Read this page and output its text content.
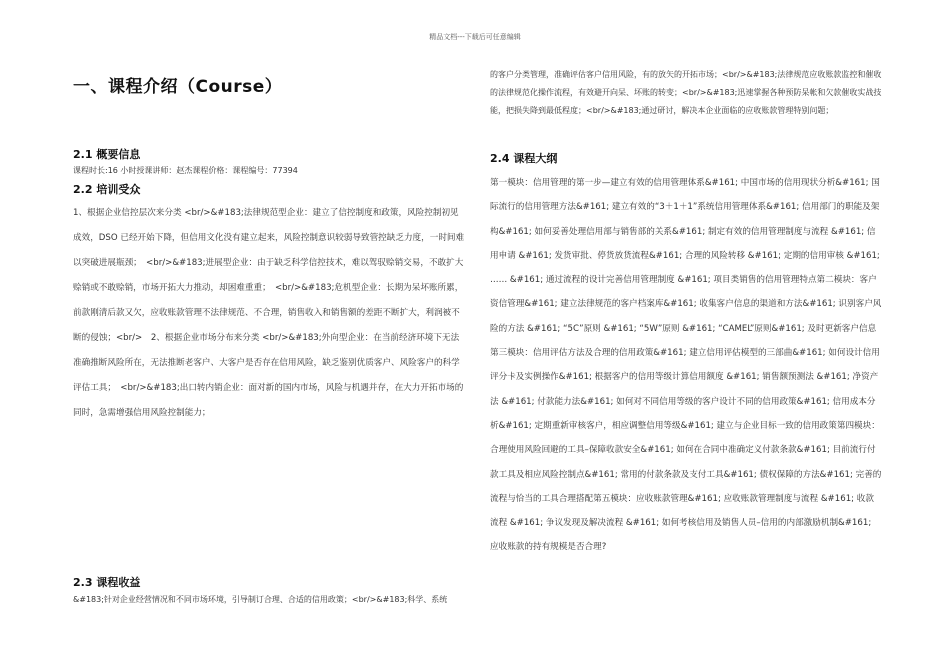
精品文档---下载后可任意编辑
一、课程介绍（Course）
2.1 概要信息

课程时长:16 小时授课讲师：赵杰课程价格：课程编号：77394

2.2 培训受众

1、根据企业信控层次来分类 <br/>&#183;法律规范型企业：建立了信控制度和政策，风险控制初见成效，DSO 已经开始下降，但信用文化没有建立起来，风险控制意识较弱导致管控缺乏力度，一时间难以突破进展瓶颈；　<br/>&#183;进展型企业：由于缺乏科学信控技术，难以驾驭赊销交易，不敢扩大赊销或不敢赊销，市场开拓大力推动，却困难重重；　<br/>&#183;危机型企业：长期为呆坏账所累，前款刚清后款又欠，应收账款管理不法律规范、不合理，销售收入和销售额的差距不断扩大，利润被不断的侵蚀；<br/>　2、根据企业市场分布来分类 <br/>&#183;外向型企业：在当前经济环境下无法准确推断风险所在，无法推断老客户、大客户是否存在信用风险，缺乏鉴别优质客户、风险客户的科学评估工具；　<br/>&#183;出口转内销企业：面对新的国内市场，风险与机遇并存，在大力开拓市场的同时，急需增强信用风险控制能力；

2.3 课程收益

&#183;针对企业经营情况和不同市场环境，引导制订合理、合适的信用政策；<br/>&#183;科学、系统

的客户分类管理，准确评估客户信用风险，有的放矢的开拓市场；<br/>&#183;法律规范应收账款监控和催收的法律规范化操作流程，有效避开向呆、坏账的转变；<br/>&#183;迅速掌握各种预防呆帐和欠款催收实战技能，把损失降到最低程度；<br/>&#183;通过研讨，解决本企业面临的应收账款管理特别问题；

2.4 课程大纲

第一模块：信用管理的第一步—建立有效的信用管理体系&#161; 中国市场的信用现状分析&#161; 国际流行的信用管理方法&#161; 建立有效的“3＋1＋1”系统信用管理体系&#161; 信用部门的职能及架构&#161; 如何妥善处理信用部与销售部的关系&#161; 制定有效的信用管理制度与流程 &#161; 信用申请 &#161; 发货审批、停货放货流程&#161; 合理的风险转移 &#161; 定期的信用审核 &#161; …… &#161; 通过流程的设计完善信用管理制度 &#161; 项目类销售的信用管理特点第二模块：客户资信管理&#161; 建立法律规范的客户档案库&#161; 收集客户信息的渠道和方法&#161; 识别客户风险的方法 &#161; “5C”原则 &#161; “5W”原则 &#161; “CAMEL”原则&#161; 及时更新客户信息第三模块：信用评估方法及合理的信用政策&#161; 建立信用评估模型的三部曲&#161; 如何设计信用评分卡及实例操作&#161; 根据客户的信用等级计算信用额度 &#161; 销售额预测法 &#161; 净资产法 &#161; 付款能力法&#161; 如何对不同信用等级的客户设计不同的信用政策&#161; 信用成本分析&#161; 定期重新审核客户，相应调整信用等级&#161; 建立与企业目标一致的信用政策第四模块：合理使用风险回避的工具–保障收款安全&#161; 如何在合同中准确定义付款条款&#161; 目前流行付款工具及相应风险控制点&#161; 常用的付款条款及支付工具&#161; 债权保障的方法&#161; 完善的流程与恰当的工具合理搭配第五模块：应收账款管理&#161; 应收账款管理制度与流程 &#161; 收款流程 &#161; 争议发现及解决流程 &#161; 如何考核信用及销售人员–信用的内部激励机制&#161; 应收账款的持有规模是否合理?
